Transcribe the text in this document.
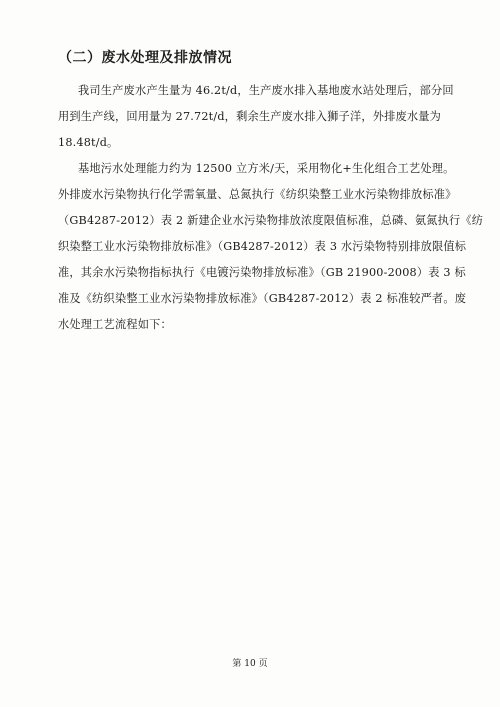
（二）废水处理及排放情况
我司生产废水产生量为 46.2t/d，生产废水排入基地废水站处理后，部分回
用到生产线，回用量为 27.72t/d，剩余生产废水排入狮子洋，外排废水量为
18.48t/d。
基地污水处理能力约为 12500 立方米/天，采用物化+生化组合工艺处理。
外排废水污染物执行化学需氧量、总氮执行《纺织染整工业水污染物排放标准》
（GB4287-2012）表 2 新建企业水污染物排放浓度限值标准，总磷、氨氮执行《纺
织染整工业水污染物排放标准》（GB4287-2012）表 3 水污染物特别排放限值标
准，其余水污染物指标执行《电镀污染物排放标准》（GB 21900-2008）表 3 标
准及《纺织染整工业水污染物排放标准》（GB4287-2012）表 2 标准较严者。废
水处理工艺流程如下：
第 10 页
